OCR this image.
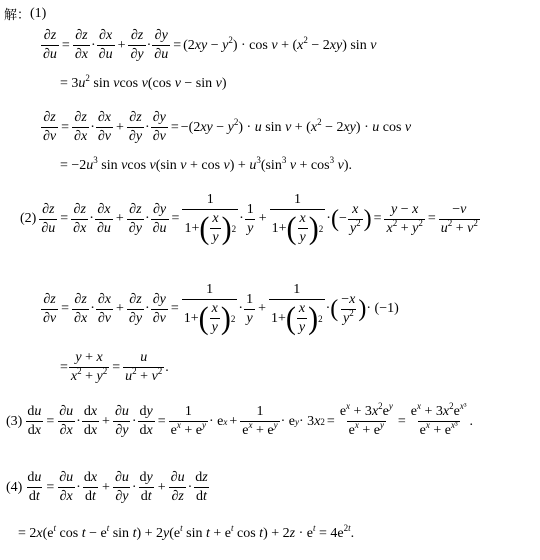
解： (1)
$\frac{\partial z}{\partial u} = \frac{\partial z}{\partial x}$ ·
∂x
∂u
+ $\frac{\partial z}{\partial y} \cdot \frac{\partial y}{\partial u} = (2xy - y^2) \cdot \cos v + (x^2 - 2xy)$ sin v
= $3u^2$ sin vcos v(cos v − sin v)
$\frac{\partial z}{\partial v} = \frac{\partial z}{\partial x}$ ·
∂x
∂v
+ $\frac{\partial z}{\partial y} \cdot \frac{\partial y}{\partial v} = -(2xy - y^2) \cdot u$ $\sin v + (x^2 - 2xy) \cdot u$ cos v
= $-2u^3$ sin vcos v(sin $v + \cos v) + u^3(\sin^3$ $v + \cos^3 v$).
$(2) \frac{\partial z}{\partial u} = \frac{\partial z}{\partial x}$ ·
∂x
∂u
+ $\frac{\partial z}{\partial y} \cdot \frac{\partial y}{\partial u} = 1$
1+ ( x
y ) 2 ·
1
y
+ 1
1+ ( x
y ) 2 · ( −
x
$y^2$ ) = $\frac{y - x}{x^2 + y^2} = \frac{-v}{u^2 + v^2}$
$\frac{\partial z}{\partial v} = \frac{\partial z}{\partial x}$ ·
∂x
∂v
+ $\frac{\partial z}{\partial y} \cdot \frac{\partial y}{\partial v} = 1$
1+ ( x
y ) 2 ·
1
y
+ 1
1+ ( x
y ) 2 · ( −x
$y^2$ ) · (−1)
= $\frac{y + x}{x^2 + y^2} = \frac{u}{u^2 + v^2}$ .
$(3) \frac{du}{dx} = \frac{\partial u}{\partial x}$ ·
dx
dx
+ $\frac{\partial u}{\partial y} \cdot \frac{dy}{dx} = \frac{1}{e^x + e^y} \cdot e$ $x + \frac{1}{e^x + e^y} \cdot e$ y · 3 x $2 = \frac{e^x + 3x^2e^y}{e^x + e^y} = \frac{e^x + 3x^2e^{x^3}}{e^x + e^{x^3}}$ .
$(4) \frac{du}{dt} = \frac{\partial u}{\partial x}$ ·
dx
dt
+ $\frac{\partial u}{\partial y}$ ·
dy
dt
+ $\frac{\partial u}{\partial z}$ ·
dz
dt
= $2x(e^t$ $\cos t - e^t$ $\sin t) + 2y(e^t$ $\sin t + e^t$ $\cos t) + 2z \cdot e^t = 4e^{2t}$.
